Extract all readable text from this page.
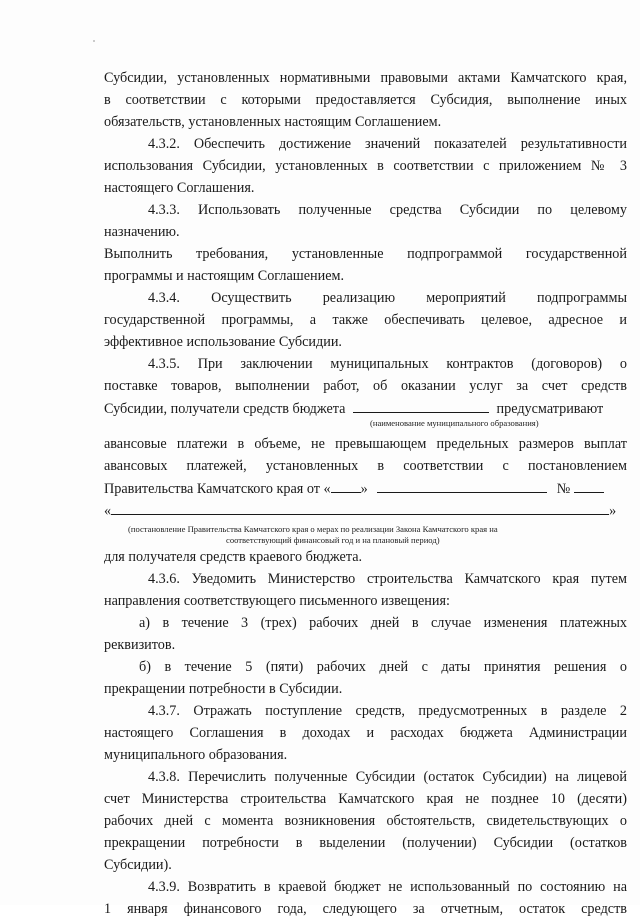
Субсидии, установленных нормативными правовыми актами Камчатского края,
в соответствии с которыми предоставляется Субсидия, выполнение иных
обязательств, установленных настоящим Соглашением.
4.3.2. Обеспечить достижение значений показателей результативности
использования Субсидии, установленных в соответствии с приложением № 3
настоящего Соглашения.
4.3.3. Использовать полученные средства Субсидии по целевому
назначению.
Выполнить требования, установленные подпрограммой государственной
программы и настоящим Соглашением.
4.3.4. Осуществить реализацию мероприятий подпрограммы
государственной программы, а также обеспечивать целевое, адресное и
эффективное использование Субсидии.
4.3.5. При заключении муниципальных контрактов (договоров) о
поставке товаров, выполнении работ, об оказании услуг за счет средств
Субсидии, получатели средств бюджета	предусматривают
(наименование муниципального образования)
авансовые платежи в объеме, не превышающем предельных размеров выплат
авансовых платежей, установленных в соответствии с постановлением
Правительства Камчатского края от « »	№
«	»
(постановление Правительства Камчатского края о мерах по реализации Закона Камчатского края на
соответствующий финансовый год и на плановый период)
для получателя средств краевого бюджета.
4.3.6. Уведомить Министерство строительства Камчатского края путем
направления соответствующего письменного извещения:
а) в течение 3 (трех) рабочих дней в случае изменения платежных
реквизитов.
б) в течение 5 (пяти) рабочих дней с даты принятия решения о
прекращении потребности в Субсидии.
4.3.7. Отражать поступление средств, предусмотренных в разделе 2
настоящего Соглашения в доходах и расходах бюджета Администрации
муниципального образования.
4.3.8. Перечислить полученные Субсидии (остаток Субсидии) на лицевой
счет Министерства строительства Камчатского края не позднее 10 (десяти)
рабочих дней с момента возникновения обстоятельств, свидетельствующих о
прекращении потребности в выделении (получении) Субсидии (остатков
Субсидии).
4.3.9. Возвратить в краевой бюджет не использованный по состоянию на
1 января финансового года, следующего за отчетным, остаток средств
